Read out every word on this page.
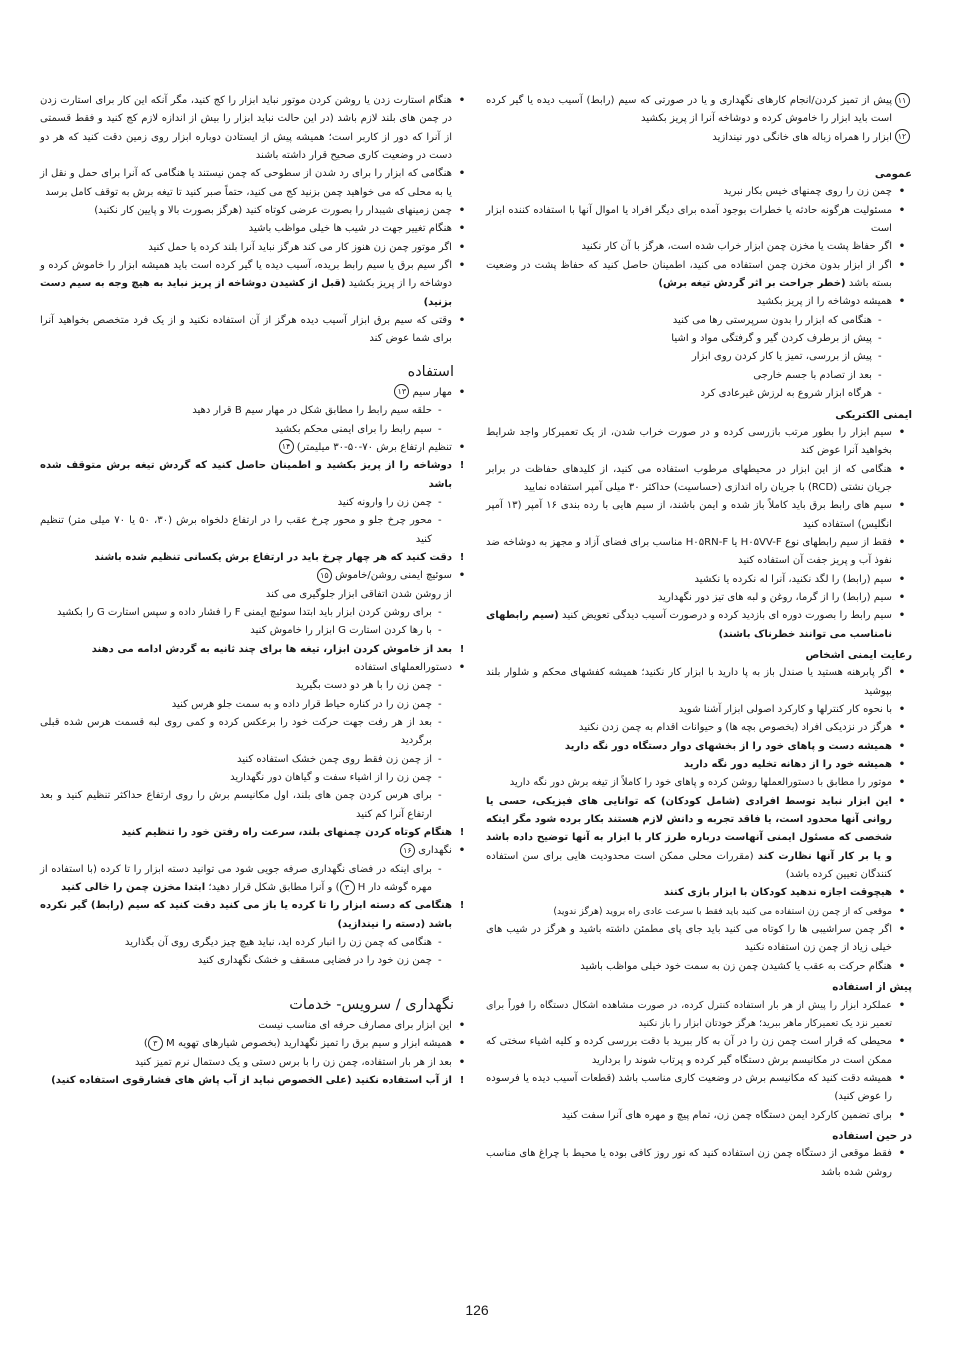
۱۱
پیش از تمیز کردن/انجام کارهای نگهداری و یا در صورتی که سیم (رابط) آسیب دیده یا گیر کرده است باید ابزار را خاموش کرده و دوشاخه آنرا از پریز بکشید
۱۲
ابزار را همراه زباله های خانگی دور نیندازید
عمومی
•
چمن زن را روی چمنهای خیس بکار نبرید
•
مسئولیت هرگونه حادثه یا خطرات بوجود آمده برای دیگر افراد یا اموال آنها با استفاده کننده ابزار است
•
اگر حفاظ پشت یا مخزن چمن ابزار خراب شده است، هرگز با آن کار نکنید
•
اگر از ابزار بدون مخزن چمن استفاده می کنید، اطمینان حاصل کنید که حفاظ پشت در وضعیت بسته باشد (خطر جراحت بر اثر گردش تیغه برش)
•
همیشه دوشاخه را از پریز بکشید
-
هنگامی که ابزار را بدون سرپرستی رها می کنید
-
پیش از برطرف کردن گیر و گرفتگی مواد و اشیا
-
پیش از بررسی، تمیز یا کار کردن روی ابزار
-
بعد از تصادم با جسم خارجی
-
هرگاه ابزار شروع به لرزش غیرعادی کرد
ایمنی الکتریکی
•
سیم ابزار را بطور مرتب بازرسی کرده و در صورت خراب شدن، از یک تعمیرکار واجد شرایط بخواهید آنرا عوض کند
•
هنگامی که از این ابزار در محیطهای مرطوب استفاده می کنید، از کلیدهای حفاظت در برابر جریان نشتی (RCD) با جریان راه اندازی (حساسیت) حداکثر ۳۰ میلی آمپر استفاده نمایید
•
سیم های رابط برق باید کاملاً باز شده و ایمن باشند، از سیم هایی با رده بندی ۱۶ آمپر (۱۳ آمپر انگلیس) استفاده کنید
•
فقط از سیم رابطهای نوع H۰۵VV-F یا H۰۵RN-F مناسب برای فضای آزاد و مجهز به دوشاخه ضد نفوذ آب و پریز جفت آن استفاده کنید
•
سیم (رابط) را لگد نکنید، آنرا له نکرده یا نکشید
•
سیم (رابط) را از گرما، روغن و لبه های تیز دور نگهدارید
•
سیم رابط را بصورت دوره ای بازدید کرده و درصورت آسیب دیدگی تعویض کنید (سیم رابطهای نامناسب می توانند خطرناک باشند)
رعایت ایمنی اشخاص
•
اگر پابرهنه هستید یا صندل باز به پا دارید با ابزار کار نکنید؛ همیشه کفشهای محکم و شلوار بلند بپوشید
•
با نحوه کار کنترلها و کارکرد اصولی ابزار آشنا شوید
•
هرگز در نزدیکی افراد (بخصوص بچه ها) و حیوانات اقدام به چمن زدن نکنید
•
همیشه دست و پاهای خود را از بخشهای دوار دستگاه دور نگه دارید
•
همیشه خود را از دهانه تخلیه دور نگه دارید
•
موتور را مطابق با دستورالعملها روشن کرده و پاهای خود را کاملاً از تیغه برش دور نگه دارید
•
این ابزار نباید توسط افرادی (شامل کودکان) که توانایی های فیزیکی، حسی یا روانی آنها محدود است، یا فاقد تجربه و دانش لازم هستند بکار برده شود مگر اینکه شخصی که مسئول ایمنی آنهاست درباره طرز کار با ابزار به آنها توضیح داده باشد و یا بر کار آنها نظارت کند (مقررات محلی ممکن است محدودیت هایی برای سن استفاده کنندگان تعیین کرده باشد)
•
هیچوقت اجازه ندهید کودکان با ابزار بازی کنند
•
موقعی که از چمن زن استفاده می کنید باید فقط با سرعت عادی راه بروید (هرگز ندوید)
•
اگر چمن سراشیبی ها را کوتاه می کنید باید جای پای مطمئن داشته باشید و هرگز در شیب های خیلی زیاد از چمن زن استفاده نکنید
•
هنگام حرکت به عقب یا کشیدن چمن زن به سمت خود خیلی مواظب باشید
پیش از استفاده
•
عملکرد ابزار را پیش از هر بار استفاده کنترل کرده، در صورت مشاهده اشکال دستگاه را فوراً برای تعمیر نزد یک تعمیرکار ماهر ببرید؛ هرگز خودتان ابزار را باز نکنید
•
محیطی که قرار است چمن زن را در آن به کار ببرید با دقت بررسی کرده و کلیه اشیاء سختی که ممکن است در مکانیسم برش دستگاه گیر کرده و پرتاب شوند را بردارید
•
همیشه دقت کنید که مکانیسم برش در وضعیت کاری مناسب باشد (قطعات آسیب دیده یا فرسوده را عوض کنید)
•
برای تضمین کارکرد ایمن دستگاه چمن زن، تمام پیچ و مهره های آنرا سفت کنید
در حین استفاده
•
فقط موقعی از دستگاه چمن زن استفاده کنید که نور روز کافی بوده یا محیط با چراغ های مناسب روشن شده باشد
•
هنگام استارت زدن یا روشن کردن موتور نباید ابزار را کج کنید، مگر آنکه این کار برای استارت زدن در چمن های بلند لازم باشد (در این حالت نباید ابزار را بیش از اندازه لازم کج کنید و فقط قسمتی از آنرا که دور از کاربر است؛ همیشه پیش از ایستادن دوباره ابزار روی زمین دقت کنید که هر دو دست در وضعیت کاری صحیح قرار داشته باشند
•
هنگامی که ابزار را برای رد شدن از سطوحی که چمن نیستند یا هنگامی که آنرا برای حمل و نقل از یا به محلی که می خواهید چمن بزنید کج می کنید، حتماً صبر کنید تا تیغه برش به توقف کامل برسد
•
چمن زمینهای شیبدار را بصورت عرضی کوتاه کنید (هرگز بصورت بالا و پایین کار نکنید)
•
هنگام تغییر جهت در شیب ها خیلی مواظب باشید
•
اگر موتور چمن زن هنوز کار می کند هرگز نباید آنرا بلند کرده یا حمل کنید
•
اگر سیم برق یا سیم رابط بریده، آسیب دیده یا گیر کرده است باید همیشه ابزار را خاموش کرده و دوشاخه را از پریز بکشید (قبل از کشیدن دوشاخه از پریز نباید به هیچ وجه به سیم دست بزنید)
•
وقتی که سیم برق ابزار آسیب دیده هرگز از آن استفاده نکنید و از یک فرد متخصص بخواهید آنرا برای شما عوض کند
استفاده
•
مهار سیم ۱۳
-
حلقه سیم رابط را مطابق شکل در مهار سیم B قرار دهید
-
سیم رابط را برای ایمنی محکم بکشید
•
تنظیم ارتفاع برش ۷۰-۵۰-۳۰ میلیمتر) ۱۴
!
دوشاخه را از پریز بکشید و اطمینان حاصل کنید که گردش تیغه برش متوقف شده باشد
-
چمن زن را وارونه کنید
-
محور چرخ جلو و محور چرخ عقب را در ارتفاع دلخواه برش (۳۰، ۵۰ یا ۷۰ میلی متر) تنظیم کنید
!
دقت کنید که هر چهار چرخ باید در ارتفاع برش یکسانی تنظیم شده باشند
•
سوئیچ ایمنی روشن/خاموش ۱۵
از روشن شدن اتفاقی ابزار جلوگیری می کند
-
برای روشن کردن ابزار باید ابتدا سوئیچ ایمنی F را فشار داده و سپس استارت G را بکشید
-
با رها کردن استارت G ابزار را خاموش کنید
!
بعد از خاموش کردن ابزار، تیغه ها برای چند ثانیه به گردش ادامه می دهند
•
دستورالعملهای استفاده
-
چمن زن را با هر دو دست بگیرید
-
چمن زن را در کناره حیاط قرار داده و به سمت جلو هرس کنید
-
بعد از هر رفت جهت حرکت خود را برعکس کرده و کمی روی لبه قسمت هرس شده قبلی برگردید
-
از چمن زن فقط روی چمن خشک استفاده کنید
-
چمن زن را از اشیاء سفت و گیاهان دور نگهدارید
-
برای هرس کردن چمن های بلند، اول مکانیسم برش را روی ارتفاع حداکثر تنظیم کنید و بعد ارتفاع آنرا کم کنید
!
هنگام کوتاه کردن چمنهای بلند، سرعت راه رفتن خود را تنظیم کنید
•
نگهداری ۱۶
-
برای اینکه در فضای نگهداری صرفه جویی شود می توانید دسته ابزار را تا کرده (با استفاده از مهره گوشه دار H ۳) و آنرا مطابق شکل قرار دهید؛ ابتدا مخزن چمن را خالی کنید
!
هنگامی که دسته ابزار را تا کرده یا باز می کنید دقت کنید که سیم (رابط) گیر نکرده باشد (دسته را نیندازید)
-
هنگامی که چمن زن را انبار کرده اید، نباید هیچ چیز دیگری روی آن بگذارید
-
چمن زن خود را در فضایی مسقف و خشک نگهداری کنید
نگهداری / سرویس- خدمات
•
این ابزار برای مصارف حرفه ای مناسب نیست
•
همیشه ابزار و سیم برق را تمیز نگهدارید (بخصوص شیارهای تهویه M ۳)
•
بعد از هر بار استفاده، چمن زن را با برس دستی و یک دستمال نرم تمیز کنید
!
از آب استفاده نکنید (علی الخصوص نباید از آب پاش های فشارقوی استفاده کنید)
126
